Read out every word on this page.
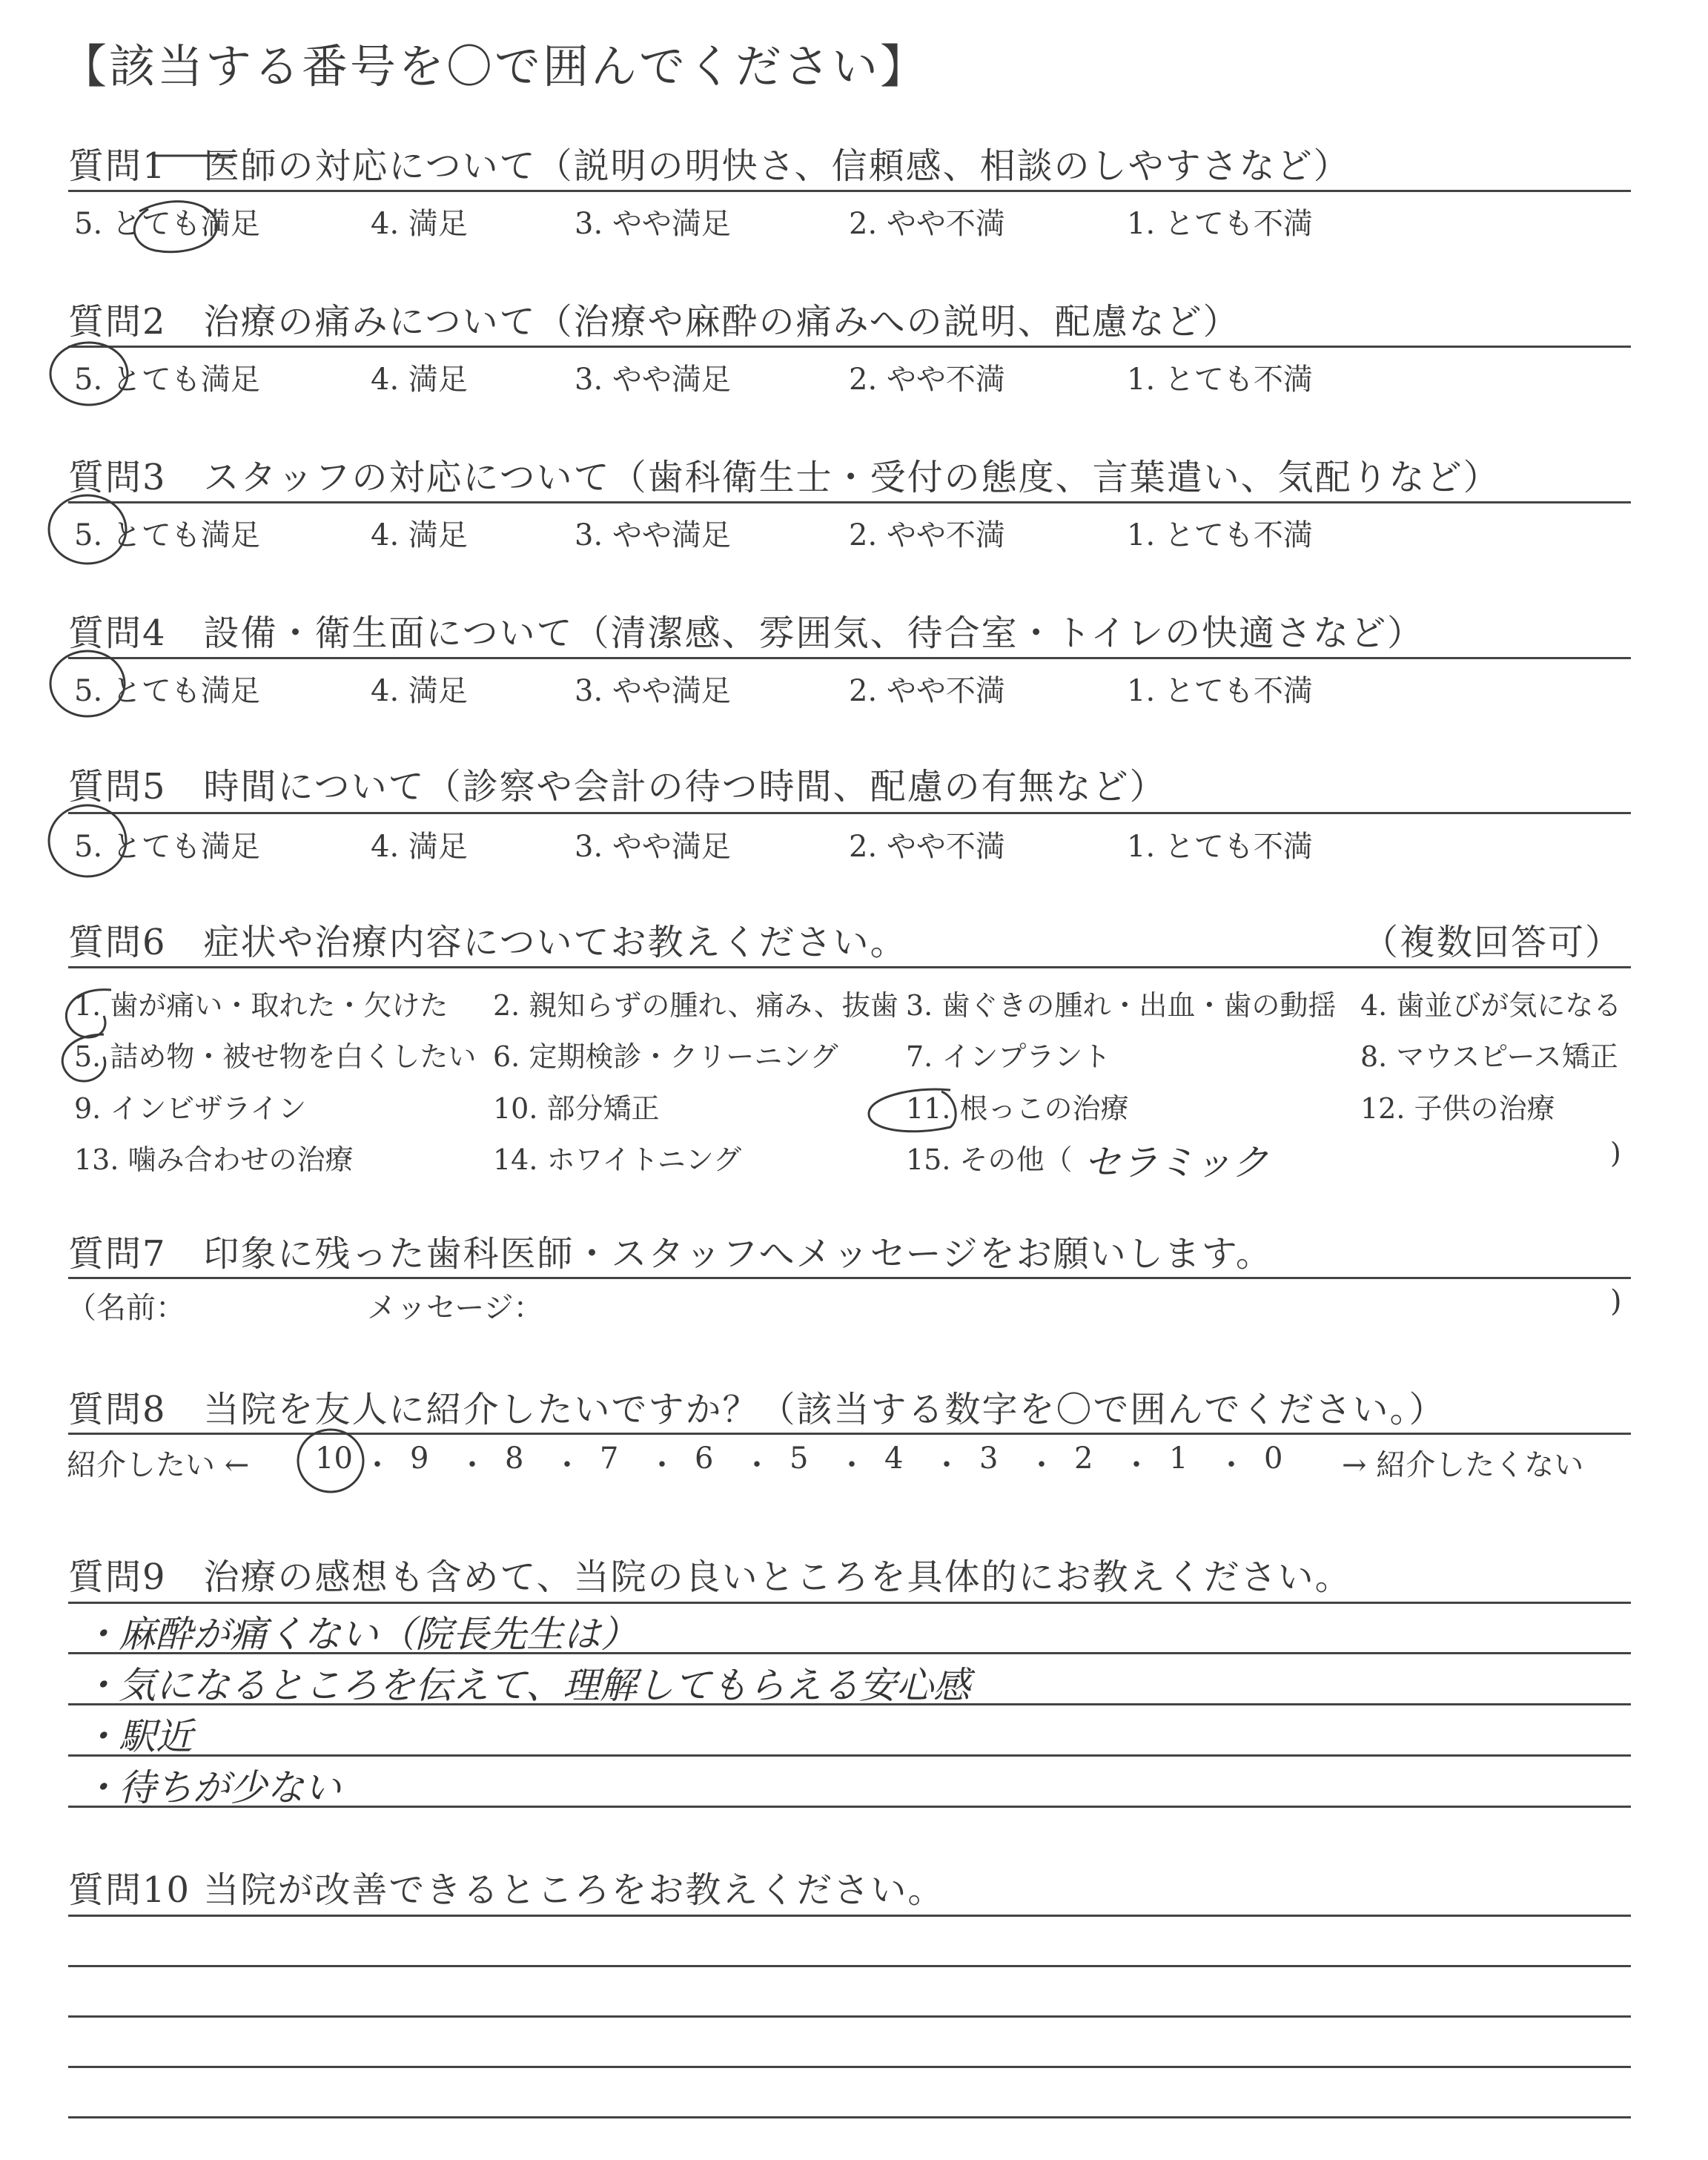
【該当する番号を〇で囲んでください】
質問1　医師の対応について（説明の明快さ、信頼感、相談のしやすさなど）
5. とても満足	4. 満足	3. やや満足	2. やや不満	1. とても不満
質問2　治療の痛みについて（治療や麻酔の痛みへの説明、配慮など）
5. とても満足	4. 満足	3. やや満足	2. やや不満	1. とても不満
質問3　スタッフの対応について（歯科衛生士・受付の態度、言葉遣い、気配りなど）
5. とても満足	4. 満足	3. やや満足	2. やや不満	1. とても不満
質問4　設備・衛生面について（清潔感、雰囲気、待合室・トイレの快適さなど）
5. とても満足	4. 満足	3. やや満足	2. やや不満	1. とても不満
質問5　時間について（診察や会計の待つ時間、配慮の有無など）
5. とても満足	4. 満足	3. やや満足	2. やや不満	1. とても不満
質問6　症状や治療内容についてお教えください。	（複数回答可）
1. 歯が痛い・取れた・欠けた 2. 親知らずの腫れ、痛み、抜歯 3. 歯ぐきの腫れ・出血・歯の動揺 4. 歯並びが気になる
5. 詰め物・被せ物を白くしたい 6. 定期検診・クリーニング 7. インプラント	8. マウスピース矯正
9. インビザライン	10. 部分矯正	11. 根っこの治療	12. 子供の治療
13. 噛み合わせの治療	14. ホワイトニング	15. その他（ セラミック	)
質問7　印象に残った歯科医師・スタッフへメッセージをお願いします。
（名前：	メッセージ：	)
質問8　当院を友人に紹介したいですか？（該当する数字を〇で囲んでください。）
紹介したい ← 10 ・ 9 ・ 8 ・ 7 ・ 6 ・ 5 ・ 4 ・ 3 ・ 2 ・ 1 ・ 0 → 紹介したくない
質問9　治療の感想も含めて、当院の良いところを具体的にお教えください。
・麻酔が痛くない（院長先生は）
・気になるところを伝えて、理解してもらえる安心感
・駅近
・待ちが少ない
質問10 当院が改善できるところをお教えください。
